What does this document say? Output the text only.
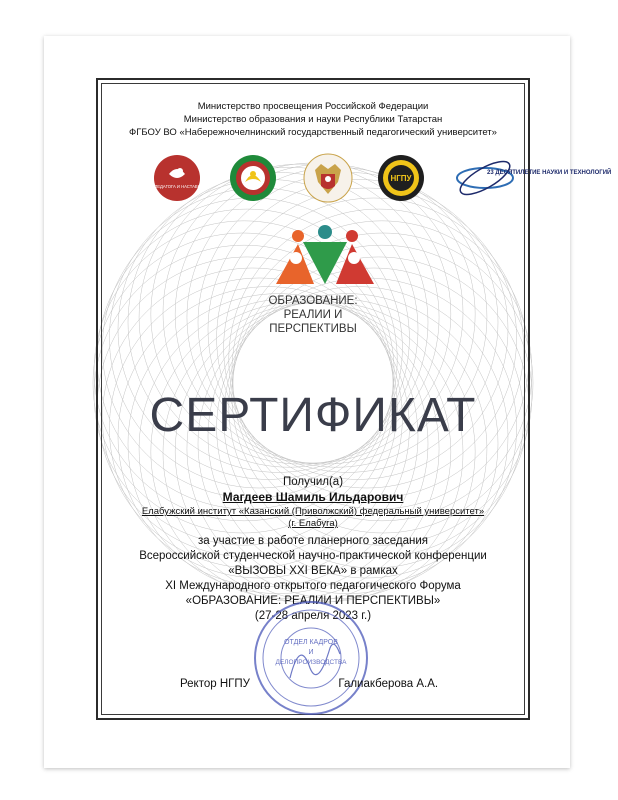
Министерство просвещения Российской Федерации
Министерство образования и науки Республики Татарстан
ФГБОУ ВО «Набережночелнинский государственный педагогический университет»
ГОД ПЕДАГОГА И НАСТАВНИКА
НГПУ
23 ДЕСЯТИЛЕТИЕ НАУКИ И ТЕХНОЛОГИЙ
ОБРАЗОВАНИЕ:
РЕАЛИИ И
ПЕРСПЕКТИВЫ
СЕРТИФИКАТ
Получил(а)
Магдеев Шамиль Ильдарович
Елабужский институт «Казанский (Приволжский) федеральный университет»
(г. Елабуга)
за участие в работе планерного заседания
Всероссийской студенческой научно-практической конференции
«ВЫЗОВЫ XXI ВЕКА» в рамках
XI Международного открытого педагогического Форума
«ОБРАЗОВАНИЕ: РЕАЛИИ И ПЕРСПЕКТИВЫ»
(27-28 апреля 2023 г.)
ОТДЕЛ КАДРОВ
И
ДЕЛОПРОИЗВОДСТВА
Ректор НГПУ	Галиакберова А.А.
